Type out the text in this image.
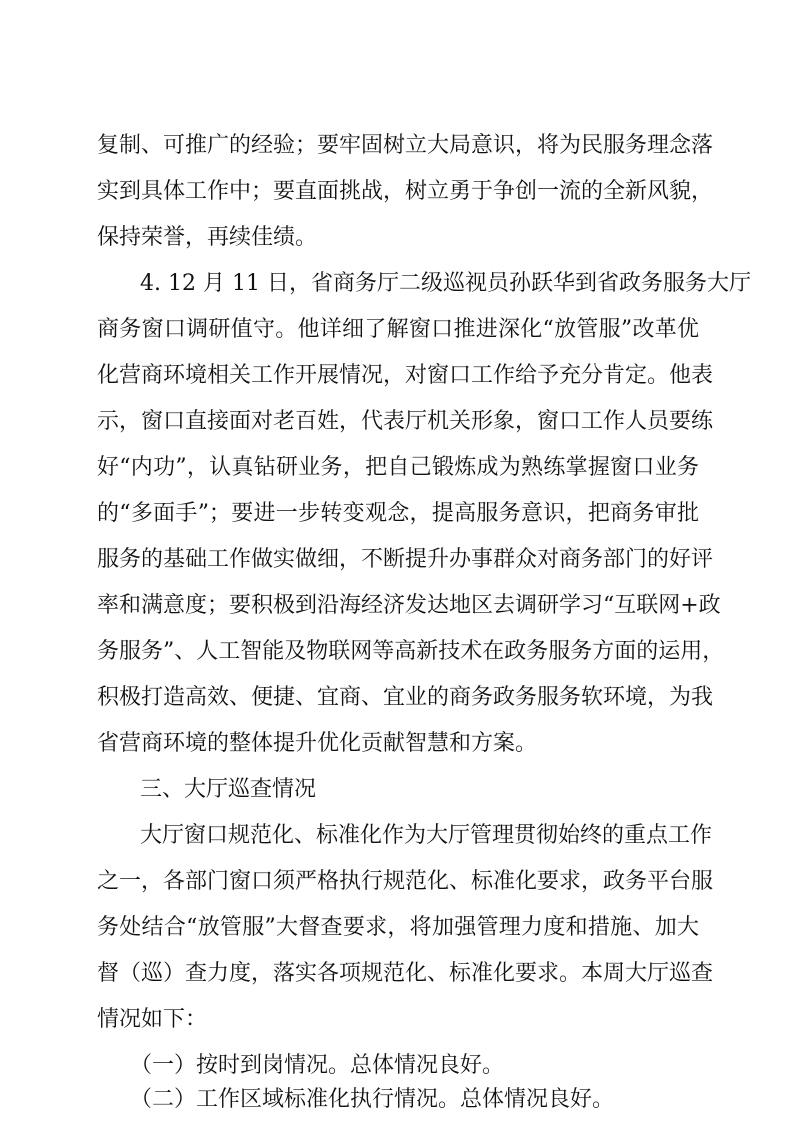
复制、可推广的经验；要牢固树立大局意识，将为民服务理念落
实到具体工作中；要直面挑战，树立勇于争创一流的全新风貌，
保持荣誉，再续佳绩。
4. 12 月 11 日，省商务厅二级巡视员孙跃华到省政务服务大厅
商务窗口调研值守。他详细了解窗口推进深化“放管服”改革优
化营商环境相关工作开展情况，对窗口工作给予充分肯定。他表
示，窗口直接面对老百姓，代表厅机关形象，窗口工作人员要练
好“内功”，认真钻研业务，把自己锻炼成为熟练掌握窗口业务
的“多面手”；要进一步转变观念，提高服务意识，把商务审批
服务的基础工作做实做细，不断提升办事群众对商务部门的好评
率和满意度；要积极到沿海经济发达地区去调研学习“互联网+政
务服务”、人工智能及物联网等高新技术在政务服务方面的运用，
积极打造高效、便捷、宜商、宜业的商务政务服务软环境，为我
省营商环境的整体提升优化贡献智慧和方案。
三、大厅巡查情况
大厅窗口规范化、标准化作为大厅管理贯彻始终的重点工作
之一，各部门窗口须严格执行规范化、标准化要求，政务平台服
务处结合“放管服”大督查要求，将加强管理力度和措施、加大
督（巡）查力度，落实各项规范化、标准化要求。本周大厅巡查
情况如下：
（一）按时到岗情况。总体情况良好。
（二）工作区域标准化执行情况。总体情况良好。
